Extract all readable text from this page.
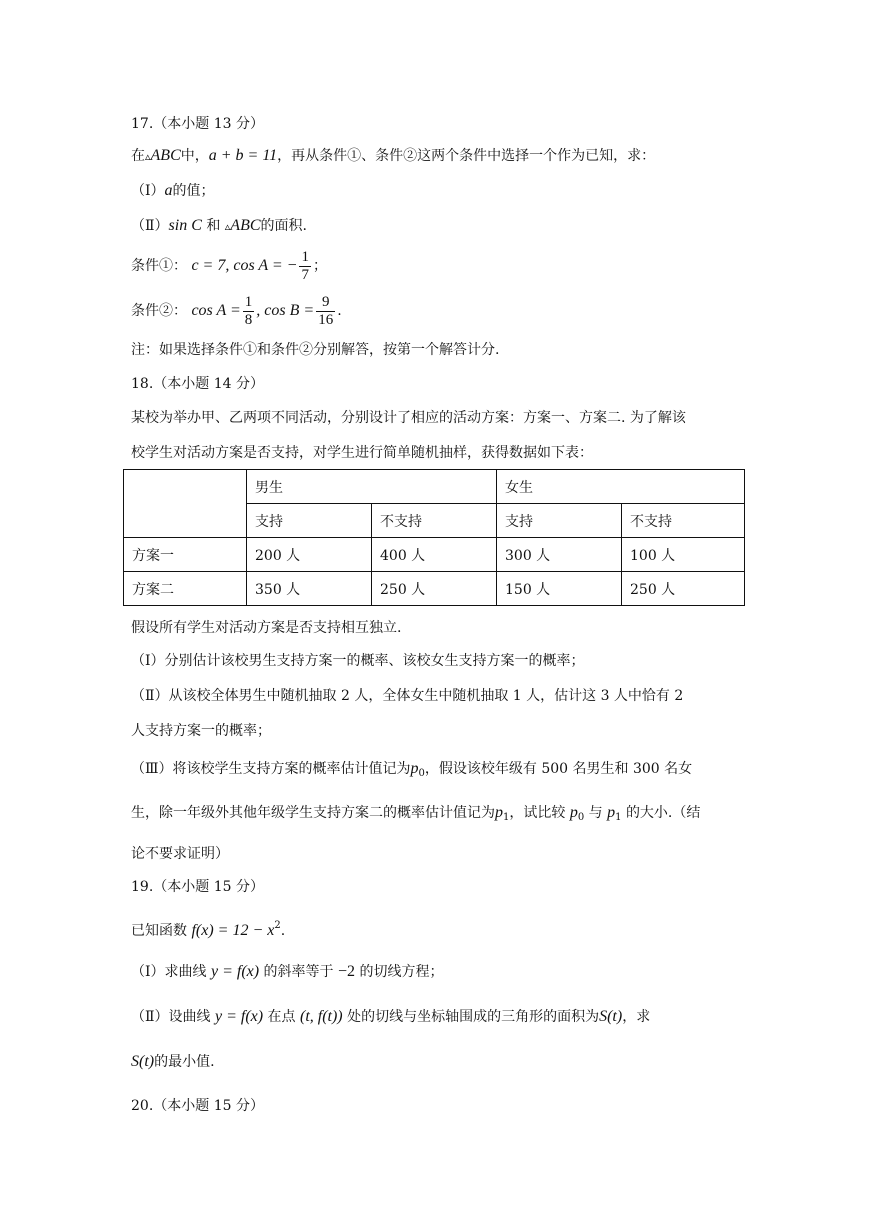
17.（本小题 13 分）
在▵ABC中，a + b = 11，再从条件①、条件②这两个条件中选择一个作为已知，求：
（Ⅰ）a的值；
（Ⅱ）sin C 和 ▵ABC的面积.
条件①： c = 7, cos A = − $\frac{1}{7}$ ；
条件②： $\cos A = \frac{1}{8}$ , $\cos B = \frac{9}{16}$ .
注：如果选择条件①和条件②分别解答，按第一个解答计分.
18.（本小题 14 分）
某校为举办甲、乙两项不同活动，分别设计了相应的活动方案：方案一、方案二. 为了解该
校学生对活动方案是否支持，对学生进行简单随机抽样，获得数据如下表：
	男生		女生	
	支持	不支持	支持	不支持
方案一	200 人	400 人	300 人	100 人
方案二	350 人	250 人	150 人	250 人
假设所有学生对活动方案是否支持相互独立.
（Ⅰ）分别估计该校男生支持方案一的概率、该校女生支持方案一的概率；
（Ⅱ）从该校全体男生中随机抽取 2 人，全体女生中随机抽取 1 人，估计这 3 人中恰有 2
人支持方案一的概率；
（Ⅲ）将该校学生支持方案的概率估计值记为$p_0$，假设该校年级有 500 名男生和 300 名女
生，除一年级外其他年级学生支持方案二的概率估计值记为$p_1$，试比较 $p_0$ 与 $p_1$ 的大小.（结
论不要求证明）
19.（本小题 15 分）
已知函数 $f(x) = 12 - x^2$.
（Ⅰ）求曲线 y = f(x) 的斜率等于 −2 的切线方程；
（Ⅱ）设曲线 y = f(x) 在点 (t, f(t)) 处的切线与坐标轴围成的三角形的面积为S(t)，求
S(t)的最小值.
20.（本小题 15 分）
